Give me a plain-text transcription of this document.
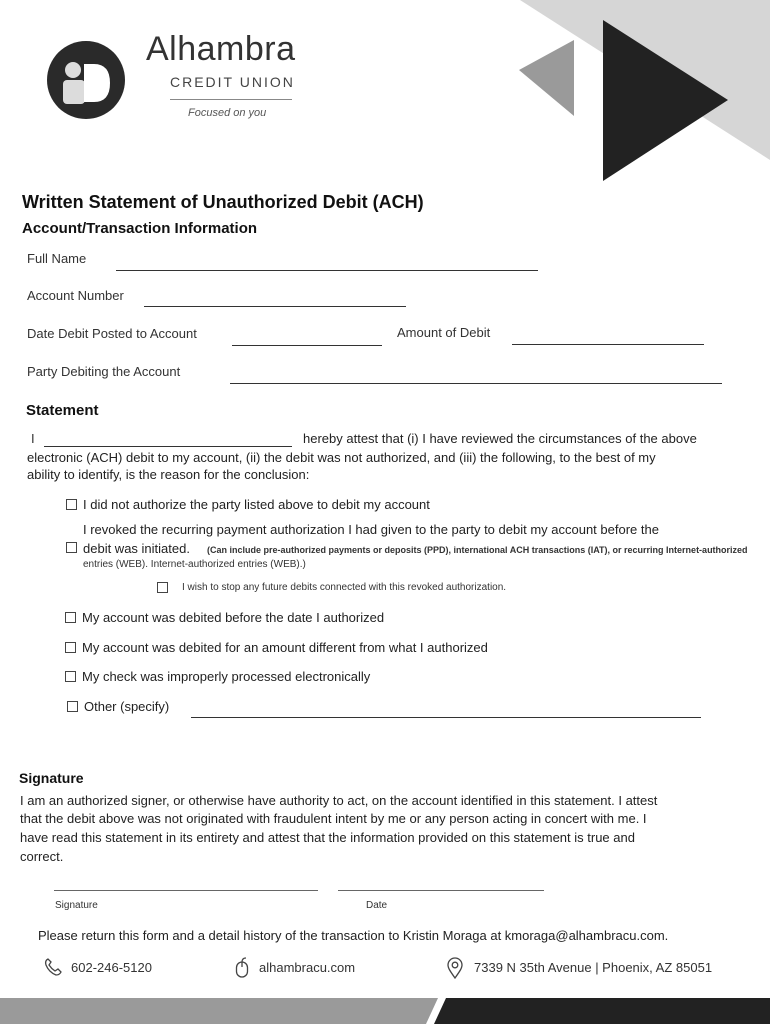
Alhambra
CREDIT UNION
Focused on you
Written Statement of Unauthorized Debit (ACH)
Account/Transaction Information
Full Name
Account Number
Date Debit Posted to Account	Amount of Debit
Party Debiting the Account
Statement
I	hereby attest that (i) I have reviewed the circumstances of the above
electronic (ACH) debit to my account, (ii) the debit was not authorized, and (iii) the following, to the best of my
ability to identify, is the reason for the conclusion:
I did not authorize the party listed above to debit my account
I revoked the recurring payment authorization I had given to the party to debit my account before the
debit was initiated. (Can include pre-authorized payments or deposits (PPD), international ACH transactions (IAT), or recurring Internet-authorized
entries (WEB). Internet-authorized entries (WEB).)
I wish to stop any future debits connected with this revoked authorization.
My account was debited before the date I authorized
My account was debited for an amount different from what I authorized
My check was improperly processed electronically
Other (specify)
Signature
I am an authorized signer, or otherwise have authority to act, on the account identified in this statement. I attest
that the debit above was not originated with fraudulent intent by me or any person acting in concert with me. I
have read this statement in its entirety and attest that the information provided on this statement is true and
correct.
Signature	Date
Please return this form and a detail history of the transaction to Kristin Moraga at kmoraga@alhambracu.com.
602-246-5120	alhambracu.com	7339 N 35th Avenue | Phoenix, AZ 85051
